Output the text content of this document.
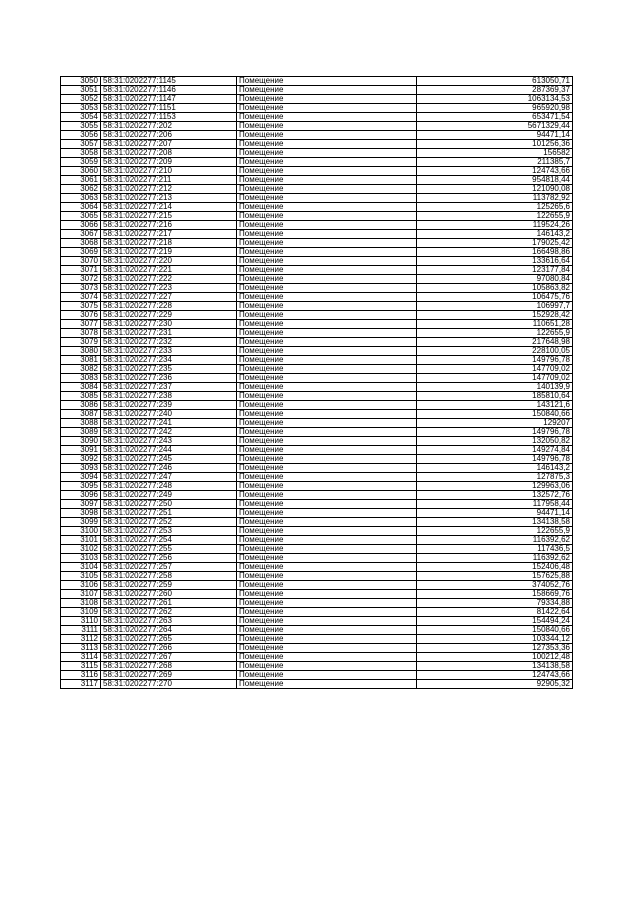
3050	58:31:0202277:1145	Помещение	613050,71
3051	58:31:0202277:1146	Помещение	287369,37
3052	58:31:0202277:1147	Помещение	1063134,53
3053	58:31:0202277:1151	Помещение	965920,98
3054	58:31:0202277:1153	Помещение	653471,54
3055	58:31:0202277:202	Помещение	5671329,44
3056	58:31:0202277:206	Помещение	94471,14
3057	58:31:0202277:207	Помещение	101256,36
3058	58:31:0202277:208	Помещение	156582
3059	58:31:0202277:209	Помещение	211385,7
3060	58:31:0202277:210	Помещение	124743,66
3061	58:31:0202277:211	Помещение	954818,44
3062	58:31:0202277:212	Помещение	121090,08
3063	58:31:0202277:213	Помещение	113782,92
3064	58:31:0202277:214	Помещение	125265,6
3065	58:31:0202277:215	Помещение	122655,9
3066	58:31:0202277:216	Помещение	119524,26
3067	58:31:0202277:217	Помещение	146143,2
3068	58:31:0202277:218	Помещение	179025,42
3069	58:31:0202277:219	Помещение	166498,86
3070	58:31:0202277:220	Помещение	133616,64
3071	58:31:0202277:221	Помещение	123177,84
3072	58:31:0202277:222	Помещение	97080,84
3073	58:31:0202277:223	Помещение	105863,82
3074	58:31:0202277:227	Помещение	106475,76
3075	58:31:0202277:228	Помещение	106997,7
3076	58:31:0202277:229	Помещение	152928,42
3077	58:31:0202277:230	Помещение	110651,28
3078	58:31:0202277:231	Помещение	122655,9
3079	58:31:0202277:232	Помещение	217648,98
3080	58:31:0202277:233	Помещение	228100,05
3081	58:31:0202277:234	Помещение	149796,78
3082	58:31:0202277:235	Помещение	147709,02
3083	58:31:0202277:236	Помещение	147709,02
3084	58:31:0202277:237	Помещение	140139,9
3085	58:31:0202277:238	Помещение	185810,64
3086	58:31:0202277:239	Помещение	143121,6
3087	58:31:0202277:240	Помещение	150840,66
3088	58:31:0202277:241	Помещение	129207
3089	58:31:0202277:242	Помещение	149796,78
3090	58:31:0202277:243	Помещение	132050,82
3091	58:31:0202277:244	Помещение	149274,84
3092	58:31:0202277:245	Помещение	149796,78
3093	58:31:0202277:246	Помещение	146143,2
3094	58:31:0202277:247	Помещение	127875,3
3095	58:31:0202277:248	Помещение	129963,06
3096	58:31:0202277:249	Помещение	132572,76
3097	58:31:0202277:250	Помещение	117958,44
3098	58:31:0202277:251	Помещение	94471,14
3099	58:31:0202277:252	Помещение	134138,58
3100	58:31:0202277:253	Помещение	122655,9
3101	58:31:0202277:254	Помещение	116392,62
3102	58:31:0202277:255	Помещение	117436,5
3103	58:31:0202277:256	Помещение	116392,62
3104	58:31:0202277:257	Помещение	152406,48
3105	58:31:0202277:258	Помещение	157625,88
3106	58:31:0202277:259	Помещение	374052,76
3107	58:31:0202277:260	Помещение	158669,76
3108	58:31:0202277:261	Помещение	79334,88
3109	58:31:0202277:262	Помещение	81422,64
3110	58:31:0202277:263	Помещение	154494,24
3111	58:31:0202277:264	Помещение	150840,66
3112	58:31:0202277:265	Помещение	103344,12
3113	58:31:0202277:266	Помещение	127353,36
3114	58:31:0202277:267	Помещение	100212,48
3115	58:31:0202277:268	Помещение	134138,58
3116	58:31:0202277:269	Помещение	124743,66
3117	58:31:0202277:270	Помещение	92905,32
